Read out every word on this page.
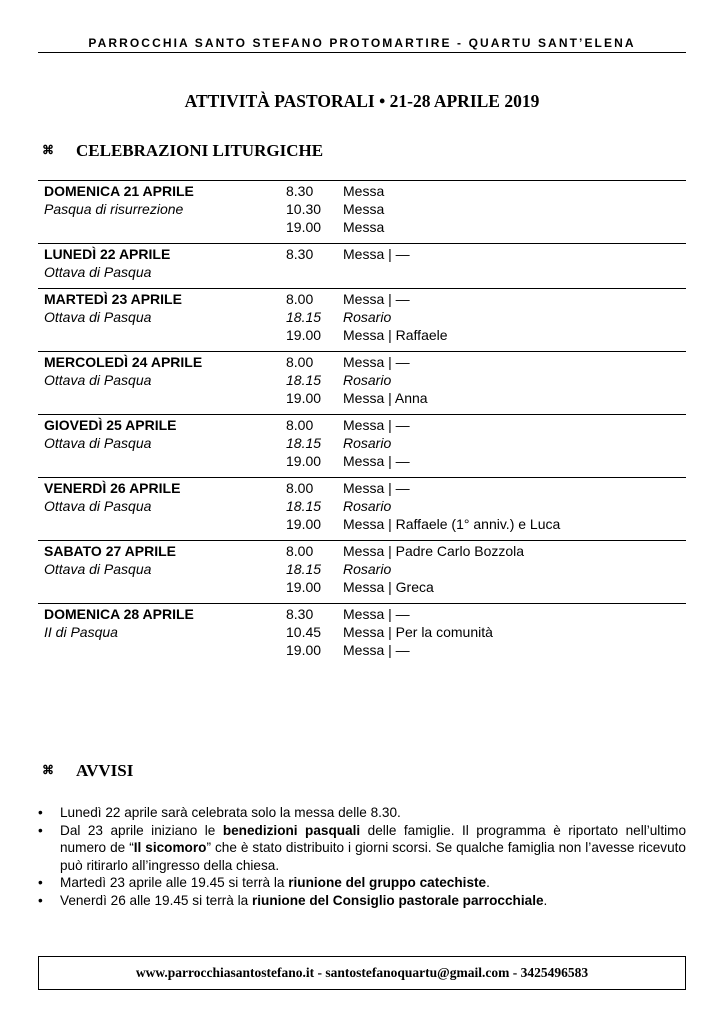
PARROCCHIA SANTO STEFANO PROTOMARTIRE - QUARTU SANT’ELENA
ATTIVITÀ PASTORALI • 21-28 APRILE 2019
⌘ CELEBRAZIONI LITURGICHE
DOMENICA 21 APRILE	8.30 Messa
Pasqua di risurrezione	10.30 Messa
19.00 Messa
LUNEDÌ 22 APRILE	8.30 Messa | —
Ottava di Pasqua
MARTEDÌ 23 APRILE	8.00 Messa | —
Ottava di Pasqua	18.15 Rosario
19.00 Messa | Raffaele
MERCOLEDÌ 24 APRILE	8.00 Messa | —
Ottava di Pasqua	18.15 Rosario
19.00 Messa | Anna
GIOVEDÌ 25 APRILE	8.00 Messa | —
Ottava di Pasqua	18.15 Rosario
19.00 Messa | —
VENERDÌ 26 APRILE	8.00 Messa | —
Ottava di Pasqua	18.15 Rosario
19.00 Messa | Raffaele (1° anniv.) e Luca
SABATO 27 APRILE	8.00 Messa | Padre Carlo Bozzola
Ottava di Pasqua	18.15 Rosario
19.00 Messa | Greca
DOMENICA 28 APRILE	8.30 Messa | —
II di Pasqua	10.45 Messa | Per la comunità
19.00 Messa | —
⌘ AVVISI
• Lunedì 22 aprile sarà celebrata solo la messa delle 8.30.
• Dal 23 aprile iniziano le benedizioni pasquali delle famiglie. Il programma è riportato nell’ultimo numero de “Il sicomoro” che è stato distribuito i giorni scorsi. Se qualche famiglia non l’avesse ricevuto può ritirarlo all’ingresso della chiesa.
• Martedì 23 aprile alle 19.45 si terrà la riunione del gruppo catechiste.
• Venerdì 26 alle 19.45 si terrà la riunione del Consiglio pastorale parrocchiale.
www.parrocchiasantostefano.it - santostefanoquartu@gmail.com - 3425496583
